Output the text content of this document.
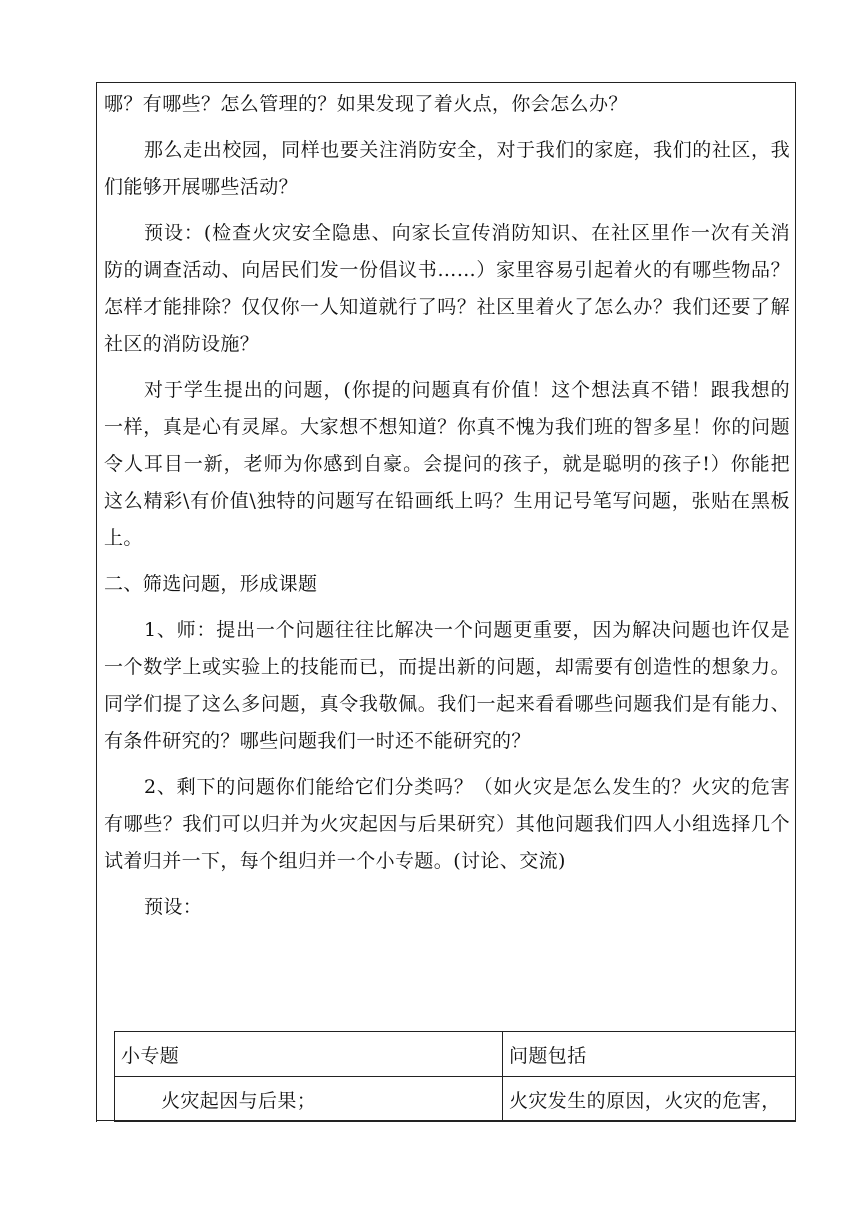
哪？有哪些？怎么管理的？如果发现了着火点，你会怎么办？

那么走出校园，同样也要关注消防安全，对于我们的家庭，我们的社区，我们能够开展哪些活动？

预设：(检查火灾安全隐患、向家长宣传消防知识、在社区里作一次有关消防的调查活动、向居民们发一份倡议书……）家里容易引起着火的有哪些物品？怎样才能排除？仅仅你一人知道就行了吗？社区里着火了怎么办？我们还要了解社区的消防设施？

对于学生提出的问题，(你提的问题真有价值！这个想法真不错！跟我想的一样，真是心有灵犀。大家想不想知道？你真不愧为我们班的智多星！你的问题令人耳目一新，老师为你感到自豪。会提问的孩子，就是聪明的孩子!）你能把这么精彩\有价值\独特的问题写在铅画纸上吗？生用记号笔写问题，张贴在黑板上。

二、筛选问题，形成课题

1、师：提出一个问题往往比解决一个问题更重要，因为解决问题也许仅是一个数学上或实验上的技能而已，而提出新的问题，却需要有创造性的想象力。同学们提了这么多问题，真令我敬佩。我们一起来看看哪些问题我们是有能力、有条件研究的？哪些问题我们一时还不能研究的？

2、剩下的问题你们能给它们分类吗？（如火灾是怎么发生的？火灾的危害有哪些？我们可以归并为火灾起因与后果研究）其他问题我们四人小组选择几个试着归并一下，每个组归并一个小专题。(讨论、交流)

预设：

小专题	问题包括
火灾起因与后果；	火灾发生的原因，火灾的危害，
